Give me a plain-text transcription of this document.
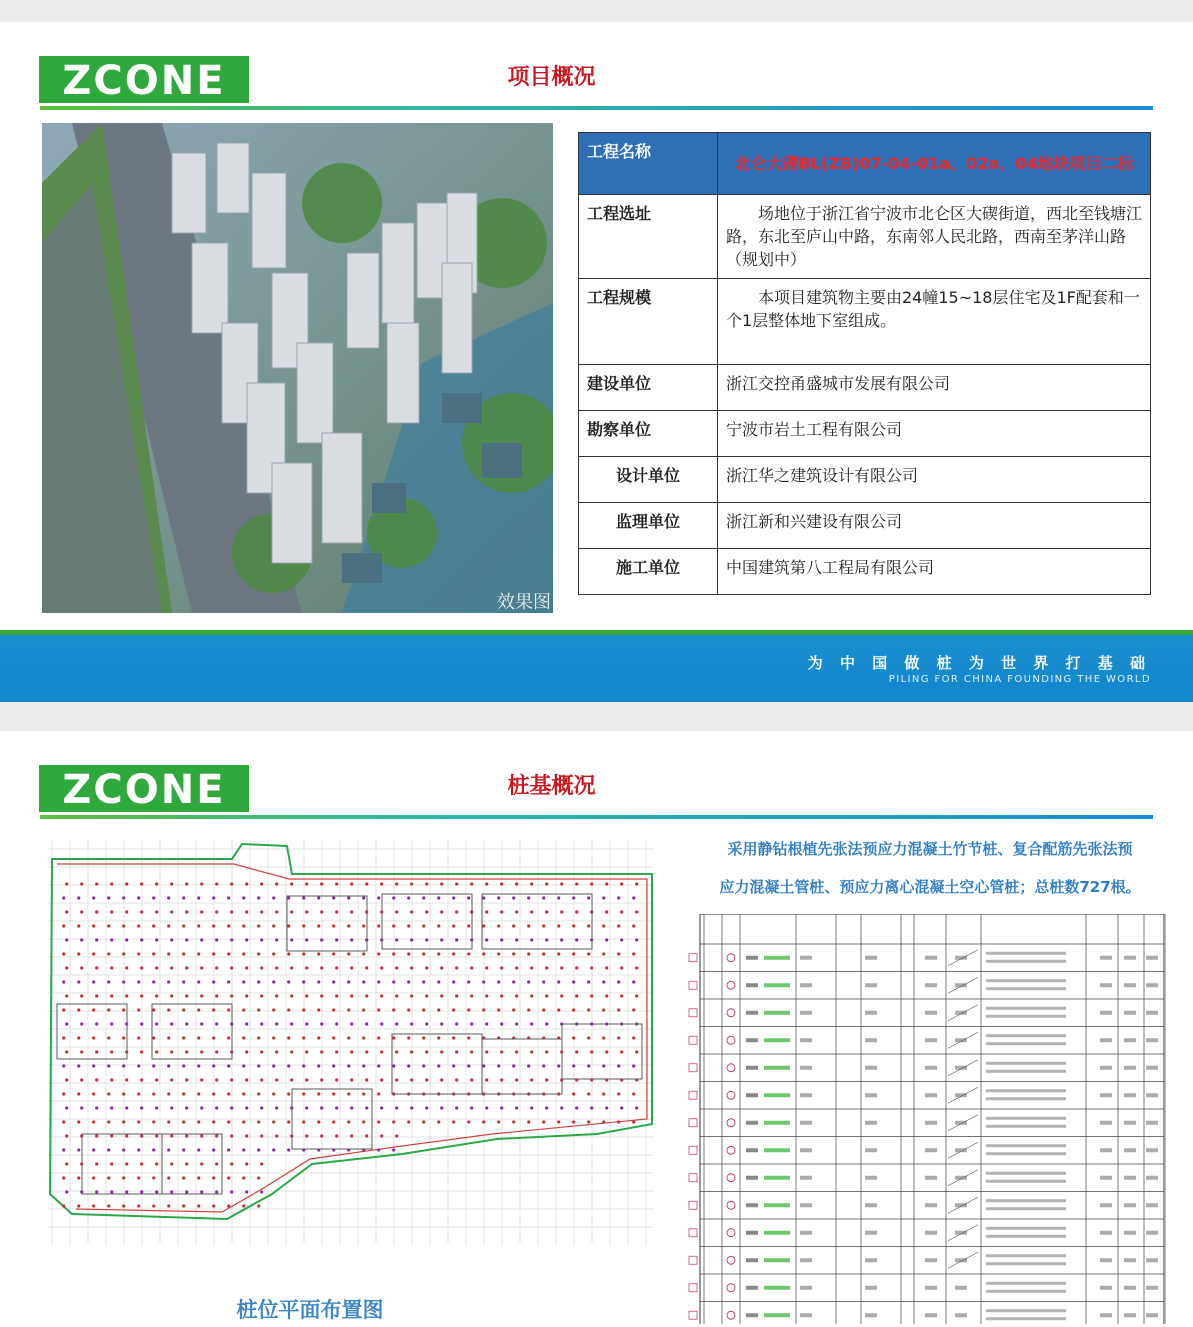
ZCONE	项目概况
效果图
工程名称	北仑大碶BL(ZB)07-04-01a、02a、04地块项目二标
工程选址	场地位于浙江省宁波市北仑区大碶街道，西北至钱塘江路，东北至庐山中路，东南邻人民北路，西南至茅洋山路（规划中）
工程规模	本项目建筑物主要由24幢15~18层住宅及1F配套和一个1层整体地下室组成。
建设单位	浙江交控甬盛城市发展有限公司
勘察单位	宁波市岩土工程有限公司
设计单位	浙江华之建筑设计有限公司
监理单位	浙江新和兴建设有限公司
施工单位	中国建筑第八工程局有限公司
为 中 国 做 桩 为 世 界 打 基 础
PILING FOR CHINA FOUNDING THE WORLD
ZCONE	桩基概况
采用静钻根植先张法预应力混凝土竹节桩、复合配筋先张法预
应力混凝土管桩、预应力离心混凝土空心管桩；总桩数727根。
桩位平面布置图
